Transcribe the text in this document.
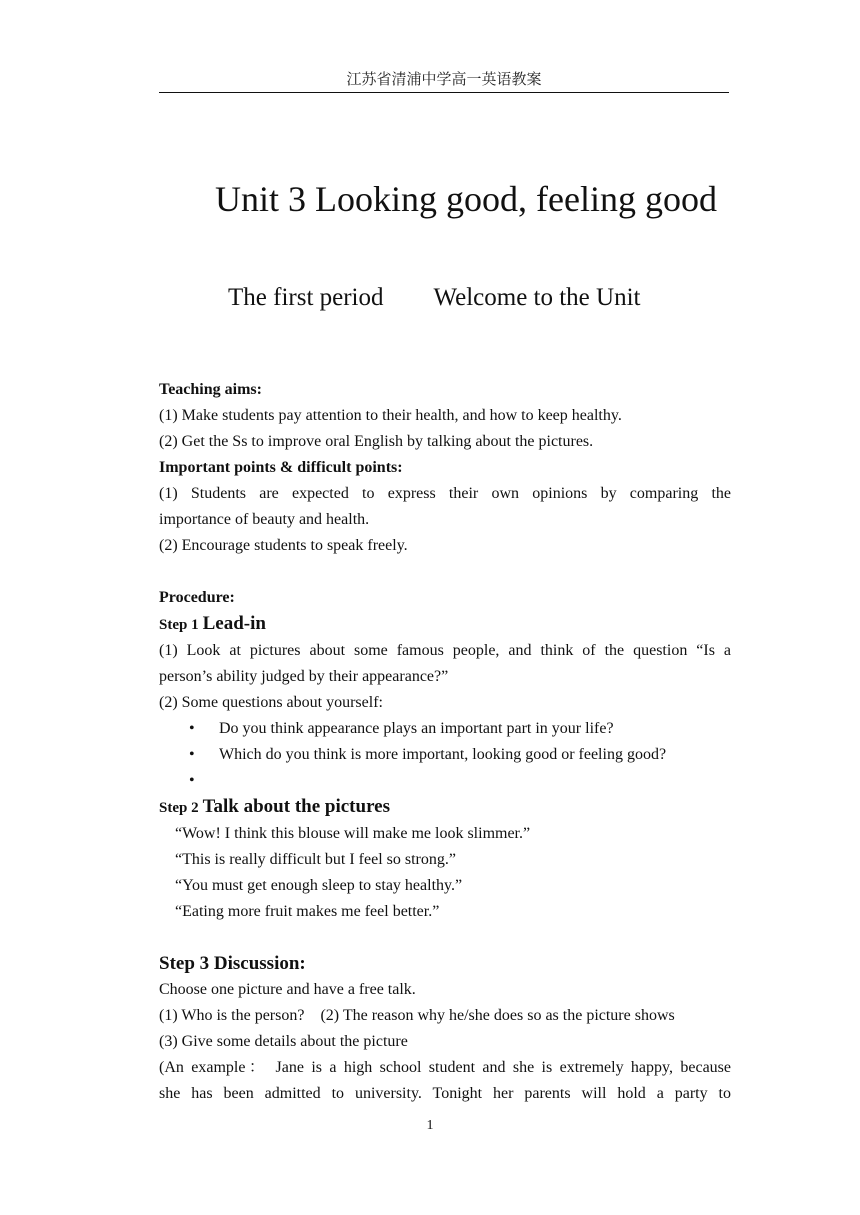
江苏省清浦中学高一英语教案
Unit 3 Looking good, feeling good
The first period Welcome to the Unit

Teaching aims:

(1) Make students pay attention to their health, and how to keep healthy.

(2) Get the Ss to improve oral English by talking about the pictures.

Important points & difficult points:

(1) Students are expected to express their own opinions by comparing the

importance of beauty and health.

(2) Encourage students to speak freely.

Procedure:

Step 1 Lead-in

(1) Look at pictures about some famous people, and think of the question “Is a

person’s ability judged by their appearance?”

(2) Some questions about yourself:

• Do you think appearance plays an important part in your life?

• Which do you think is more important, looking good or feeling good?

•

Step 2 Talk about the pictures

“Wow! I think this blouse will make me look slimmer.”

“This is really difficult but I feel so strong.”

“You must get enough sleep to stay healthy.”

“Eating more fruit makes me feel better.”

Step 3 Discussion:

Choose one picture and have a free talk.

(1) Who is the person? (2) The reason why he/she does so as the picture shows

(3) Give some details about the picture

(An example： Jane is a high school student and she is extremely happy, because

she has been admitted to university. Tonight her parents will hold a party to

1
